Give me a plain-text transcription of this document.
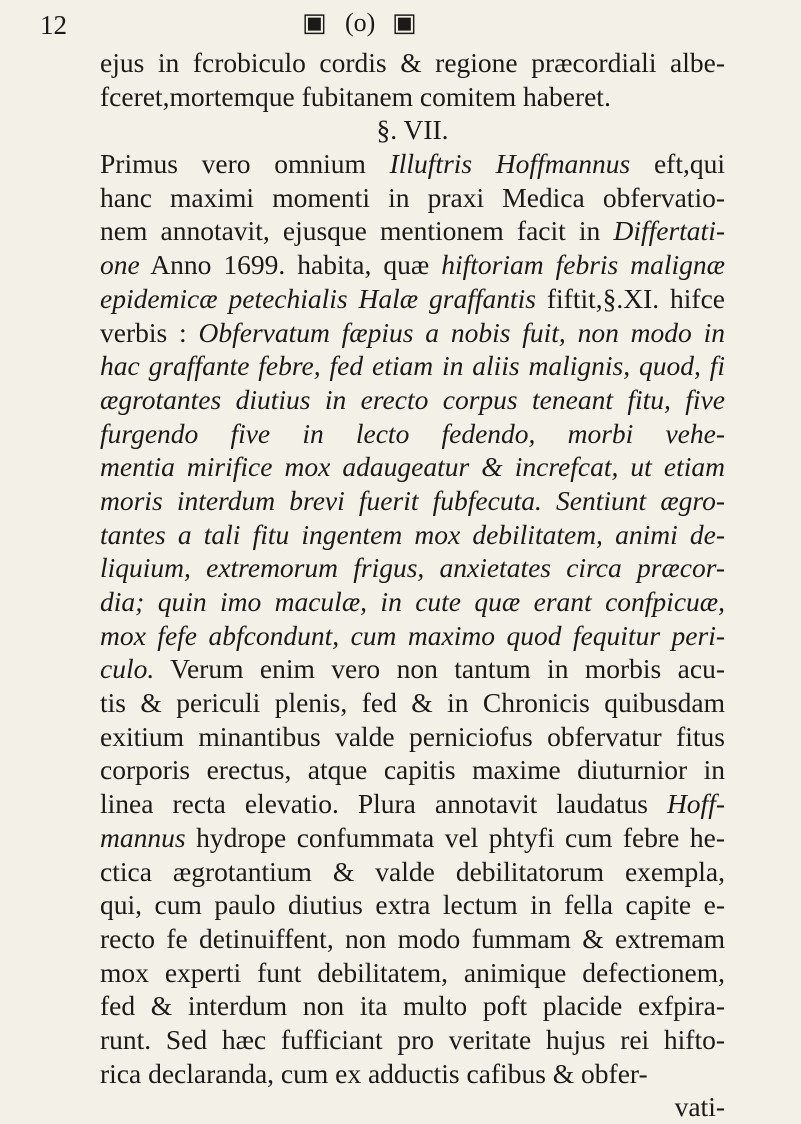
12	▣ (o) ▣
ejus in fcrobiculo cordis & regione præcordiali albe-
fceret,mortemque fubitanem comitem haberet.
§. VII.
Primus vero omnium Illuftris Hoffmannus eft,qui
hanc maximi momenti in praxi Medica obfervatio-
nem annotavit, ejusque mentionem facit in Differtati-
one Anno 1699. habita, quæ hiftoriam febris malignæ
epidemicæ petechialis Halæ graffantis fiftit,§.XI. hifce
verbis : Obfervatum fæpius a nobis fuit, non modo in
hac graffante febre, fed etiam in aliis malignis, quod, fi
ægrotantes diutius in erecto corpus teneant fitu, five
furgendo five in lecto fedendo, morbi vehe-
mentia mirifice mox adaugeatur & increfcat, ut etiam
moris interdum brevi fuerit fubfecuta. Sentiunt ægro-
tantes a tali fitu ingentem mox debilitatem, animi de-
liquium, extremorum frigus, anxietates circa præcor-
dia; quin imo maculæ, in cute quæ erant confpicuæ,
mox fefe abfcondunt, cum maximo quod fequitur peri-
culo. Verum enim vero non tantum in morbis acu-
tis & periculi plenis, fed & in Chronicis quibusdam
exitium minantibus valde perniciofus obfervatur fitus
corporis erectus, atque capitis maxime diuturnior in
linea recta elevatio. Plura annotavit laudatus Hoff-
mannus hydrope confummata vel phtyfi cum febre he-
ctica ægrotantium & valde debilitatorum exempla,
qui, cum paulo diutius extra lectum in fella capite e-
recto fe detinuiffent, non modo fummam & extremam
mox experti funt debilitatem, animique defectionem,
fed & interdum non ita multo poft placide exfpira-
runt. Sed hæc fufficiant pro veritate hujus rei hifto-
rica declaranda, cum ex adductis cafibus & obfer-
vati-
